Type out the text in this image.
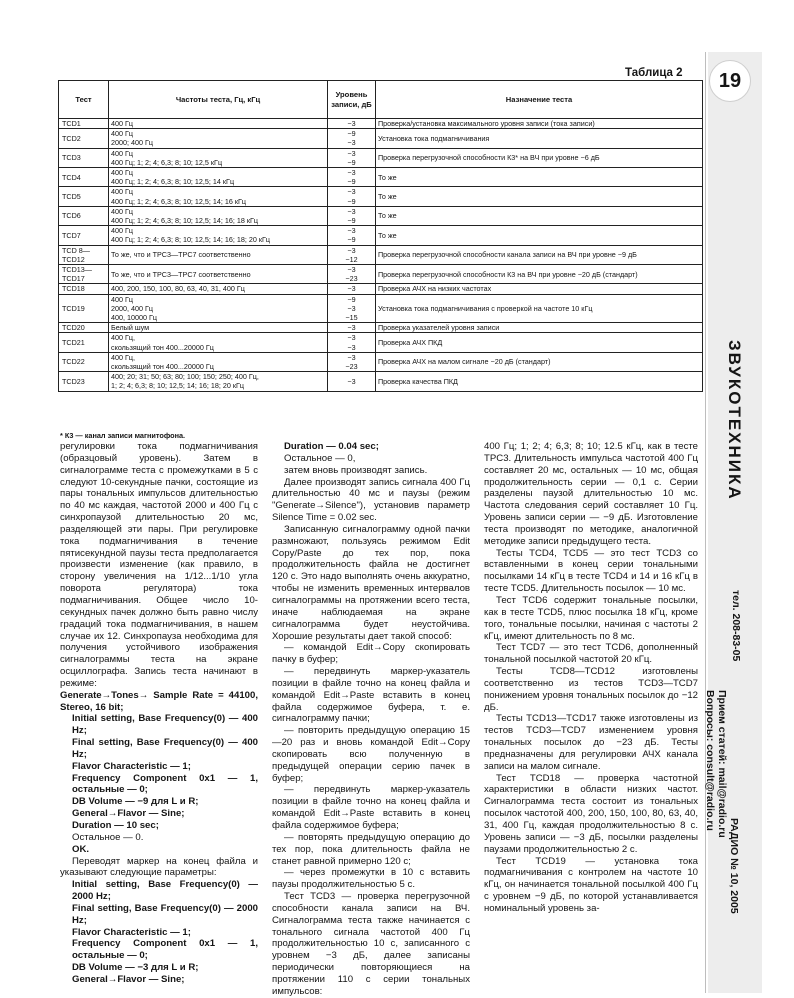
19
ЗВУКОТЕХНИКА
тел. 208-83-05
Прием статей: mail@radio.ru
Вопросы: consult@radio.ru
РАДИО № 10, 2005
Таблица 2
Тест	Частоты теста, Гц, кГц	Уровень записи, дБ	Назначение теста

TCD1	400 Гц	−3	Проверка/установка максимального уровня записи (тока записи)

TCD2	400 Гц
2000; 400 Гц	−9
−3	Установка тока подмагничивания

TCD3	400 Гц
400 Гц; 1; 2; 4; 6,3; 8; 10; 12,5 кГц	−3
−9	Проверка перегрузочной способности К3* на ВЧ при уровне −6 дБ

TCD4	400 Гц
400 Гц; 1; 2; 4; 6,3; 8; 10; 12,5; 14 кГц	−3
−9	То же

TCD5	400 Гц
400 Гц; 1; 2; 4; 6,3; 8; 10; 12,5; 14; 16 кГц	−3
−9	То же

TCD6	400 Гц
400 Гц; 1; 2; 4; 6,3; 8; 10; 12,5; 14; 16; 18 кГц	−3
−9	То же

TCD7	400 Гц
400 Гц; 1; 2; 4; 6,3; 8; 10; 12,5; 14; 16; 18; 20 кГц	−3
−9	То же

TCD 8—
TCD12	То же, что и TPC3—TPC7 соответственно	−3
−12	Проверка перегрузочной способности канала записи на ВЧ при уровне −9 дБ

TCD13—
TCD17	То же, что и TPC3—TPC7 соответственно	−3
−23	Проверка перегрузочной способности К3 на ВЧ при уровне −20 дБ (стандарт)

TCD18	400, 200, 150, 100, 80, 63, 40, 31, 400 Гц	−3	Проверка АЧХ на низких частотах

TCD19	400 Гц
2000, 400 Гц
400, 10000 Гц	−9
−3
−15	Установка тока подмагничивания с проверкой на частоте 10 кГц

TCD20	Белый шум	−3	Проверка указателей уровня записи

TCD21	400 Гц,
скользящий тон 400...20000 Гц	−3
−3	Проверка АЧХ ПКД

TCD22	400 Гц,
скользящий тон 400...20000 Гц	−3
−23	Проверка АЧХ на малом сигнале −20 дБ (стандарт)

TCD23	400; 20; 31; 50; 63; 80; 100; 150; 250; 400 Гц,
1; 2; 4; 6,3; 8; 10; 12,5; 14; 16; 18; 20 кГц	−3	Проверка качества ПКД
* К3 — канал записи магнитофона.

регулировки тока подмагничивания (образцовый уровень). Затем в сигналограмме теста с промежутками в 5 с следуют 10-секундные пачки, состоящие из пары тональных импульсов длительностью по 40 мс каждая, частотой 2000 и 400 Гц с синхропаузой длительностью 20 мс, разделяющей эти пары. При регулировке тока подмагничивания в течение пятисекундной паузы теста предполагается произвести изменение (как правило, в сторону увеличения на 1/12...1/10 угла поворота регулятора) тока подмагничивания. Общее число 10-секундных пачек должно быть равно числу градаций тока подмагничивания, в нашем случае их 12. Синхропауза необходима для получения устойчивого изображения сигналограммы теста на экране осциллографа. Запись теста начинают в режиме:

Generate→Tones→ Sample Rate = 44100, Stereo, 16 bit;

Initial setting, Base Frequency(0) — 400 Hz;

Final setting, Base Frequency(0) — 400 Hz;

Flavor Characteristic — 1;

Frequency Component 0x1 — 1, остальные — 0;

DB Volume — −9 для L и R;

General→Flavor — Sine;

Duration — 10 sec;

Остальное — 0.

OK.

Переводят маркер на конец файла и указывают следующие параметры:

Initial setting, Base Frequency(0) — 2000 Hz;

Final setting, Base Frequency(0) — 2000 Hz;

Flavor Characteristic — 1;

Frequency Component 0x1 — 1, остальные — 0;

DB Volume — −3 для L и R;

General→Flavor — Sine;

Duration — 0.04 sec;

Остальное — 0,

затем вновь производят запись.

Далее производят запись сигнала 400 Гц длительностью 40 мс и паузы (режим "Generate→Silence"), установив параметр Silence Time = 0.02 sec.

Записанную сигналограмму одной пачки размножают, пользуясь режимом Edit Copy/Paste до тех пор, пока продолжительность файла не достигнет 120 с. Это надо выполнять очень аккуратно, чтобы не изменить временных интервалов сигналограммы на протяжении всего теста, иначе наблюдаемая на экране сигналограмма будет неустойчива. Хорошие результаты дает такой способ:

— командой Edit→Copy скопировать пачку в буфер;

— передвинуть маркер-указатель позиции в файле точно на конец файла и командой Edit→Paste вставить в конец файла содержимое буфера, т. е. сигналограмму пачки;

— повторить предыдущую операцию 15—20 раз и вновь командой Edit→Copy скопировать всю полученную в предыдущей операции серию пачек в буфер;

— передвинуть маркер-указатель позиции в файле точно на конец файла и командой Edit→Paste вставить в конец файла содержимое буфера;

— повторять предыдущую операцию до тех пор, пока длительность файла не станет равной примерно 120 с;

— через промежутки в 10 с вставить паузы продолжительностью 5 с.

Тест TCD3 — проверка перегрузочной способности канала записи на ВЧ. Сигналограмма теста также начинается с тонального сигнала частотой 400 Гц продолжительностью 10 с, записанного с уровнем −3 дБ, далее записаны периодически повторяющиеся на протяжении 110 с серии тональных импульсов:

400 Гц; 1; 2; 4; 6,3; 8; 10; 12.5 кГц, как в тесте TPC3. Длительность импульса частотой 400 Гц составляет 20 мс, остальных — 10 мс, общая продолжительность серии — 0,1 с. Серии разделены паузой длительностью 10 мс. Частота следования серий составляет 10 Гц. Уровень записи серии — −9 дБ. Изготовление теста производят по методике, аналогичной методике записи предыдущего теста.

Тесты TCD4, TCD5 — это тест TCD3 со вставленными в конец серии тональными посылками 14 кГц в тесте TCD4 и 14 и 16 кГц в тесте TCD5. Длительность посылок — 10 мс.

Тест TCD6 содержит тональные посылки, как в тесте TCD5, плюс посылка 18 кГц, кроме того, тональные посылки, начиная с частоты 2 кГц, имеют длительность по 8 мс.

Тест TCD7 — это тест TCD6, дополненный тональной посылкой частотой 20 кГц.

Тесты TCD8—TCD12 изготовлены соответственно из тестов TCD3—TCD7 понижением уровня тональных посылок до −12 дБ.

Тесты TCD13—TCD17 также изготовлены из тестов TCD3—TCD7 изменением уровня тональных посылок до −23 дБ. Тесты предназначены для регулировки АЧХ канала записи на малом сигнале.

Тест TCD18 — проверка частотной характеристики в области низких частот. Сигналограмма теста состоит из тональных посылок частотой 400, 200, 150, 100, 80, 63, 40, 31, 400 Гц, каждая продолжительностью 8 с. Уровень записи — −3 дБ, посылки разделены паузами продолжительностью 2 с.

Тест TCD19 — установка тока подмагничивания с контролем на частоте 10 кГц, он начинается тональной посылкой 400 Гц с уровнем −9 дБ, по которой устанавливается номинальный уровень за-
